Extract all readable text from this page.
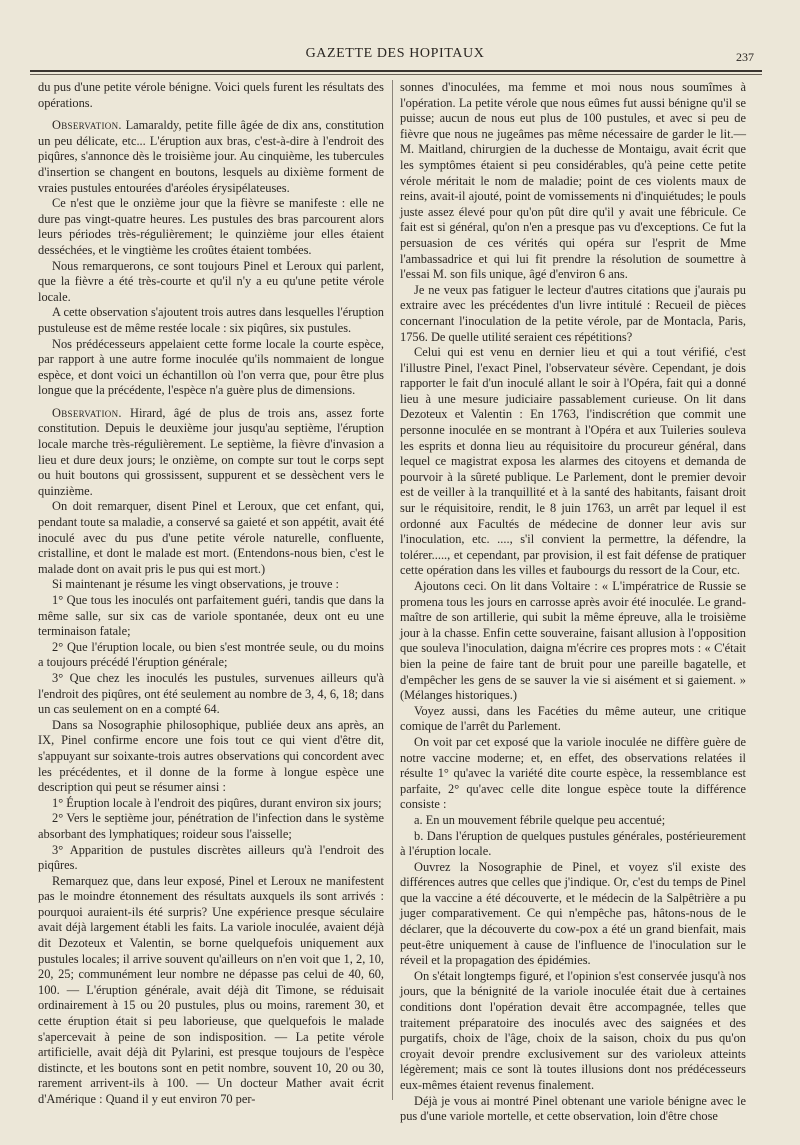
GAZETTE DES HOPITAUX	237

du pus d'une petite vérole bénigne. Voici quels furent les résultats des opérations.

Observation. Lamaraldy, petite fille âgée de dix ans, constitution un peu délicate, etc... L'éruption aux bras, c'est-à-dire à l'endroit des piqûres, s'annonce dès le troisième jour. Au cinquième, les tubercules d'insertion se changent en boutons, lesquels au dixième forment de vraies pustules entourées d'aréoles érysipélateuses.

Ce n'est que le onzième jour que la fièvre se manifeste : elle ne dure pas vingt-quatre heures. Les pustules des bras parcourent alors leurs périodes très-régulièrement; le quinzième jour elles étaient desséchées, et le vingtième les croûtes étaient tombées.

Nous remarquerons, ce sont toujours Pinel et Leroux qui parlent, que la fièvre a été très-courte et qu'il n'y a eu qu'une petite vérole locale.

A cette observation s'ajoutent trois autres dans lesquelles l'éruption pustuleuse est de même restée locale : six piqûres, six pustules.

Nos prédécesseurs appelaient cette forme locale la courte espèce, par rapport à une autre forme inoculée qu'ils nommaient de longue espèce, et dont voici un échantillon où l'on verra que, pour être plus longue que la précédente, l'espèce n'a guère plus de dimensions.

Observation. Hirard, âgé de plus de trois ans, assez forte constitution. Depuis le deuxième jour jusqu'au septième, l'éruption locale marche très-régulièrement. Le septième, la fièvre d'invasion a lieu et dure deux jours; le onzième, on compte sur tout le corps sept ou huit boutons qui grossissent, suppurent et se dessèchent vers le quinzième.

On doit remarquer, disent Pinel et Leroux, que cet enfant, qui, pendant toute sa maladie, a conservé sa gaieté et son appétit, avait été inoculé avec du pus d'une petite vérole naturelle, confluente, cristalline, et dont le malade est mort. (Entendons-nous bien, c'est le malade dont on avait pris le pus qui est mort.)

Si maintenant je résume les vingt observations, je trouve :

1° Que tous les inoculés ont parfaitement guéri, tandis que dans la même salle, sur six cas de variole spontanée, deux ont eu une terminaison fatale;

2° Que l'éruption locale, ou bien s'est montrée seule, ou du moins a toujours précédé l'éruption générale;

3° Que chez les inoculés les pustules, survenues ailleurs qu'à l'endroit des piqûres, ont été seulement au nombre de 3, 4, 6, 18; dans un cas seulement on en a compté 64.

Dans sa Nosographie philosophique, publiée deux ans après, an IX, Pinel confirme encore une fois tout ce qui vient d'être dit, s'appuyant sur soixante-trois autres observations qui concordent avec les précédentes, et il donne de la forme à longue espèce une description qui peut se résumer ainsi :

1° Éruption locale à l'endroit des piqûres, durant environ six jours;

2° Vers le septième jour, pénétration de l'infection dans le système absorbant des lymphatiques; roideur sous l'aisselle;

3° Apparition de pustules discrètes ailleurs qu'à l'endroit des piqûres.

Remarquez que, dans leur exposé, Pinel et Leroux ne manifestent pas le moindre étonnement des résultats auxquels ils sont arrivés : pourquoi auraient-ils été surpris? Une expérience presque séculaire avait déjà largement établi les faits. La variole inoculée, avaient déjà dit Dezoteux et Valentin, se borne quelquefois uniquement aux pustules locales; il arrive souvent qu'ailleurs on n'en voit que 1, 2, 10, 20, 25; communément leur nombre ne dépasse pas celui de 40, 60, 100. — L'éruption générale, avait déjà dit Timone, se réduisait ordinairement à 15 ou 20 pustules, plus ou moins, rarement 30, et cette éruption était si peu laborieuse, que quelquefois le malade s'apercevait à peine de son indisposition. — La petite vérole artificielle, avait déjà dit Pylarini, est presque toujours de l'espèce distincte, et les boutons sont en petit nombre, souvent 10, 20 ou 30, rarement arrivent-ils à 100. — Un docteur Mather avait écrit d'Amérique : Quand il y eut environ 70 per-

sonnes d'inoculées, ma femme et moi nous nous soumîmes à l'opération. La petite vérole que nous eûmes fut aussi bénigne qu'il se puisse; aucun de nous eut plus de 100 pustules, et avec si peu de fièvre que nous ne jugeâmes pas même nécessaire de garder le lit.— M. Maitland, chirurgien de la duchesse de Montaigu, avait écrit que les symptômes étaient si peu considérables, qu'à peine cette petite vérole méritait le nom de maladie; point de ces violents maux de reins, avait-il ajouté, point de vomissements ni d'inquiétudes; le pouls juste assez élevé pour qu'on pût dire qu'il y avait une fébricule. Ce fait est si général, qu'on n'en a presque pas vu d'exceptions. Ce fut la persuasion de ces vérités qui opéra sur l'esprit de Mme l'ambassadrice et qui lui fit prendre la résolution de soumettre à l'essai M. son fils unique, âgé d'environ 6 ans.

Je ne veux pas fatiguer le lecteur d'autres citations que j'aurais pu extraire avec les précédentes d'un livre intitulé : Recueil de pièces concernant l'inoculation de la petite vérole, par de Montacla, Paris, 1756. De quelle utilité seraient ces répétitions?

Celui qui est venu en dernier lieu et qui a tout vérifié, c'est l'illustre Pinel, l'exact Pinel, l'observateur sévère. Cependant, je dois rapporter le fait d'un inoculé allant le soir à l'Opéra, fait qui a donné lieu à une mesure judiciaire passablement curieuse. On lit dans Dezoteux et Valentin : En 1763, l'indiscrétion que commit une personne inoculée en se montrant à l'Opéra et aux Tuileries souleva les esprits et donna lieu au réquisitoire du procureur général, dans lequel ce magistrat exposa les alarmes des citoyens et demanda de pourvoir à la sûreté publique. Le Parlement, dont le premier devoir est de veiller à la tranquillité et à la santé des habitants, faisant droit sur le réquisitoire, rendit, le 8 juin 1763, un arrêt par lequel il est ordonné aux Facultés de médecine de donner leur avis sur l'inoculation, etc. ...., s'il convient la permettre, la défendre, la tolérer....., et cependant, par provision, il est fait défense de pratiquer cette opération dans les villes et faubourgs du ressort de la Cour, etc.

Ajoutons ceci. On lit dans Voltaire : « L'impératrice de Russie se promena tous les jours en carrosse après avoir été inoculée. Le grand-maître de son artillerie, qui subit la même épreuve, alla le troisième jour à la chasse. Enfin cette souveraine, faisant allusion à l'opposition que souleva l'inoculation, daigna m'écrire ces propres mots : « C'était bien la peine de faire tant de bruit pour une pareille bagatelle, et d'empêcher les gens de se sauver la vie si aisément et si gaiement. » (Mélanges historiques.)

Voyez aussi, dans les Facéties du même auteur, une critique comique de l'arrêt du Parlement.

On voit par cet exposé que la variole inoculée ne diffère guère de notre vaccine moderne; et, en effet, des observations relatées il résulte 1° qu'avec la variété dite courte espèce, la ressemblance est parfaite, 2° qu'avec celle dite longue espèce toute la différence consiste :

a. En un mouvement fébrile quelque peu accentué;

b. Dans l'éruption de quelques pustules générales, postérieurement à l'éruption locale.

Ouvrez la Nosographie de Pinel, et voyez s'il existe des différences autres que celles que j'indique. Or, c'est du temps de Pinel que la vaccine a été découverte, et le médecin de la Salpêtrière a pu juger comparativement. Ce qui n'empêche pas, hâtons-nous de le déclarer, que la découverte du cow-pox a été un grand bienfait, mais peut-être uniquement à cause de l'influence de l'inoculation sur le réveil et la propagation des épidémies.

On s'était longtemps figuré, et l'opinion s'est conservée jusqu'à nos jours, que la bénignité de la variole inoculée était due à certaines conditions dont l'opération devait être accompagnée, telles que traitement préparatoire des inoculés avec des saignées et des purgatifs, choix de l'âge, choix de la saison, choix du pus qu'on croyait devoir prendre exclusivement sur des varioleux atteints légèrement; mais ce sont là toutes illusions dont nos prédécesseurs eux-mêmes étaient revenus finalement.

Déjà je vous ai montré Pinel obtenant une variole bénigne avec le pus d'une variole mortelle, et cette observation, loin d'être chose
